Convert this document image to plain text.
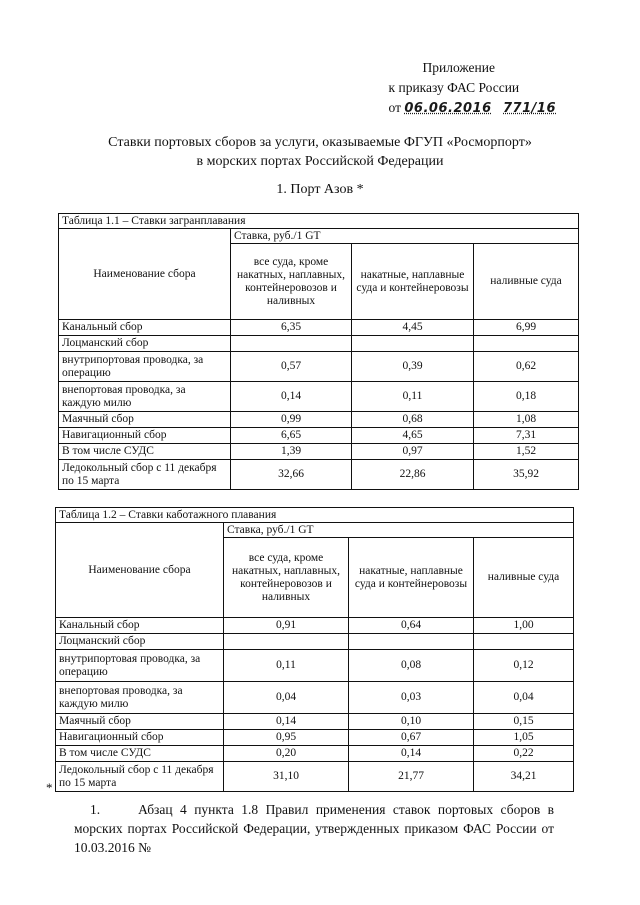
Приложение
к приказу ФАС России
от 06.06.2016 771/16
Ставки портовых сборов за услуги, оказываемые ФГУП «Росморпорт»
в морских портах Российской Федерации
1. Порт Азов *
Таблица 1.1 – Ставки загранплавания			
Наименование сбора	Ставка, руб./1 GT		
	все суда, кроме накатных, наплавных, контейнеровозов и наливных	накатные, наплавные суда и контейнеровозы	наливные суда
Канальный сбор	6,35	4,45	6,99
Лоцманский сбор			
внутрипортовая проводка, за операцию	0,57	0,39	0,62
внепортовая проводка, за каждую милю	0,14	0,11	0,18
Маячный сбор	0,99	0,68	1,08
Навигационный сбор	6,65	4,65	7,31
В том числе СУДС	1,39	0,97	1,52
Ледокольный сбор с 11 декабря по 15 марта	32,66	22,86	35,92
Таблица 1.2 – Ставки каботажного плавания			
Наименование сбора	Ставка, руб./1 GT		
	все суда, кроме накатных, наплавных, контейнеровозов и наливных	накатные, наплавные суда и контейнеровозы	наливные суда
Канальный сбор	0,91	0,64	1,00
Лоцманский сбор			
внутрипортовая проводка, за операцию	0,11	0,08	0,12
внепортовая проводка, за каждую милю	0,04	0,03	0,04
Маячный сбор	0,14	0,10	0,15
Навигационный сбор	0,95	0,67	1,05
В том числе СУДС	0,20	0,14	0,22
Ледокольный сбор с 11 декабря по 15 марта	31,10	21,77	34,21
*
1.	Абзац 4 пункта 1.8 Правил применения ставок портовых сборов в морских портах Российской Федерации, утвержденных приказом ФАС России от 10.03.2016 №
